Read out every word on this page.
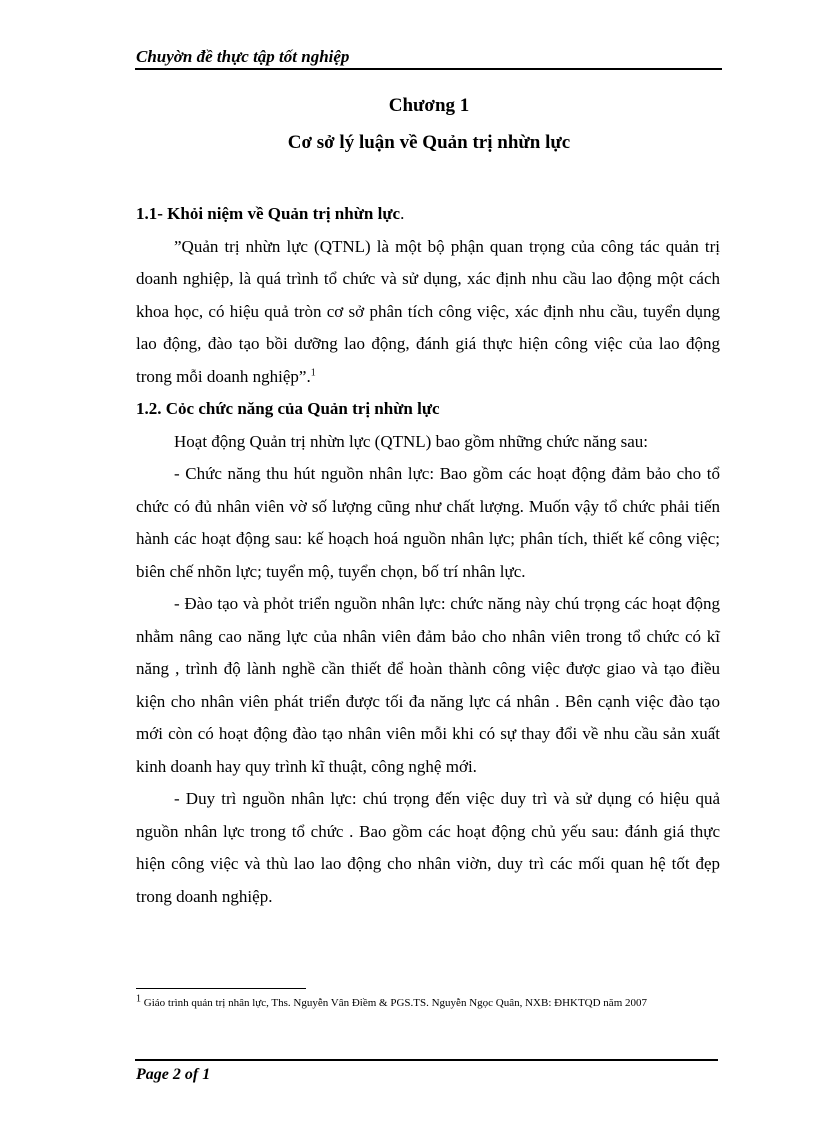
Chuyờn đề thực tập tốt nghiệp
Chương 1
Cơ sở lý luận về Quản trị nhừn lực

1.1- Khỏi niệm về Quản trị nhừn lực.

”Quản trị nhừn lực (QTNL) là một bộ phận quan trọng của công tác quản trị doanh nghiệp, là quá trình tổ chức và sử dụng, xác định nhu cầu lao động một cách khoa học, có hiệu quả tròn cơ sở phân tích công việc, xác định nhu cầu, tuyển dụng lao động, đào tạo bồi dưỡng lao động, đánh giá thực hiện công việc của lao động trong mỗi doanh nghiệp”.$^1$

1.2. Cỏc chức năng của Quản trị nhừn lực

Hoạt động Quản trị nhừn lực (QTNL) bao gồm những chức năng sau:

- Chức năng thu hút nguồn nhân lực: Bao gồm các hoạt động đảm bảo cho tổ chức có đủ nhân viên vờ số lượng cũng như chất lượng. Muốn vậy tổ chức phải tiến hành các hoạt động sau: kế hoạch hoá nguồn nhân lực; phân tích, thiết kế công việc; biên chế nhõn lực; tuyển mộ, tuyển chọn, bố trí nhân lực.

- Đào tạo và phỏt triển nguồn nhân lực: chức năng này chú trọng các hoạt động nhằm nâng cao năng lực của nhân viên đảm bảo cho nhân viên trong tổ chức có kĩ năng , trình độ lành nghề cần thiết để hoàn thành công việc được giao và tạo điều kiện cho nhân viên phát triển được tối đa năng lực cá nhân . Bên cạnh việc đào tạo mới còn có hoạt động đào tạo nhân viên mỗi khi có sự thay đổi về nhu cầu sản xuất kinh doanh hay quy trình kĩ thuật, công nghệ mới.

- Duy trì nguồn nhân lực: chú trọng đến việc duy trì và sử dụng có hiệu quả nguồn nhân lực trong tổ chức . Bao gồm các hoạt động chủ yếu sau: đánh giá thực hiện công việc và thù lao lao động cho nhân viờn, duy trì các mối quan hệ tốt đẹp trong doanh nghiệp.

$^1$ Giáo trình quản trị nhân lực, Ths. Nguyễn Vân Điềm & PGS.TS. Nguyễn Ngọc Quân, NXB: ĐHKTQD năm 2007
Page 2 of 1
